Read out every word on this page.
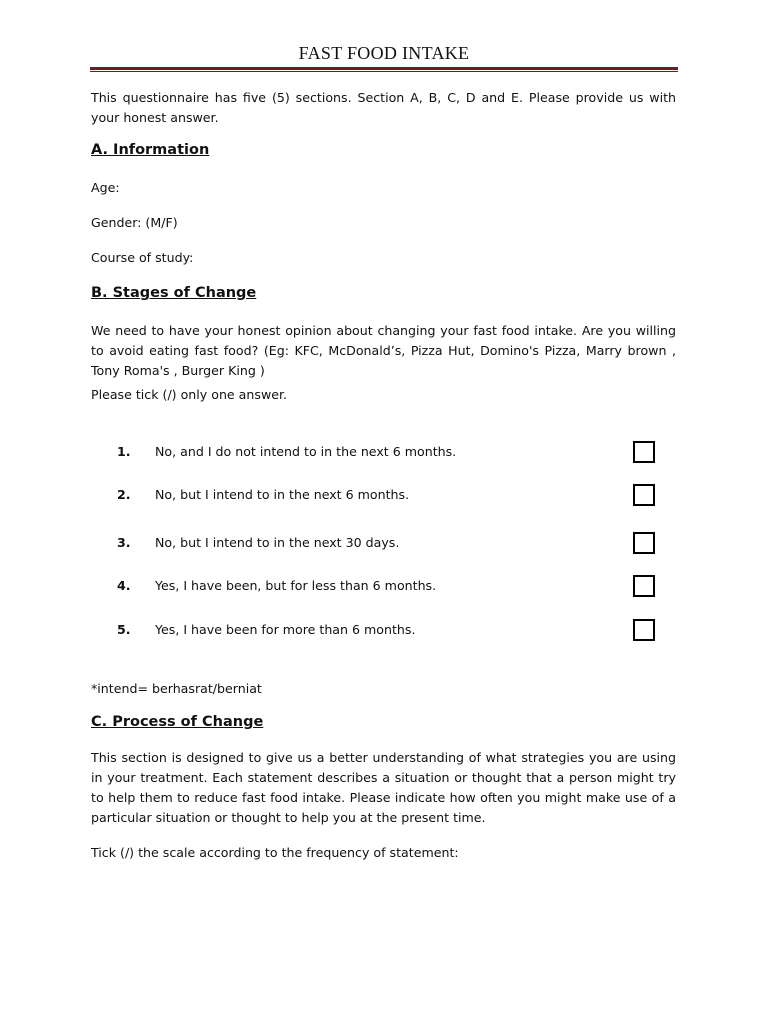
FAST FOOD INTAKE
This questionnaire has five (5) sections. Section A, B, C, D and E. Please provide us with your honest answer.
A. Information
Age:
Gender: (M/F)
Course of study:
B. Stages of Change
We need to have your honest opinion about changing your fast food intake. Are you willing to avoid eating fast food? (Eg: KFC, McDonald’s, Pizza Hut, Domino's Pizza, Marry brown , Tony Roma's , Burger King )
Please tick (/) only one answer.
1. No, and I do not intend to in the next 6 months.
2. No, but I intend to in the next 6 months.
3. No, but I intend to in the next 30 days.
4. Yes, I have been, but for less than 6 months.
5. Yes, I have been for more than 6 months.
*intend= berhasrat/berniat
C. Process of Change
This section is designed to give us a better understanding of what strategies you are using in your treatment. Each statement describes a situation or thought that a person might try to help them to reduce fast food intake. Please indicate how often you might make use of a particular situation or thought to help you at the present time.
Tick (/) the scale according to the frequency of statement:
